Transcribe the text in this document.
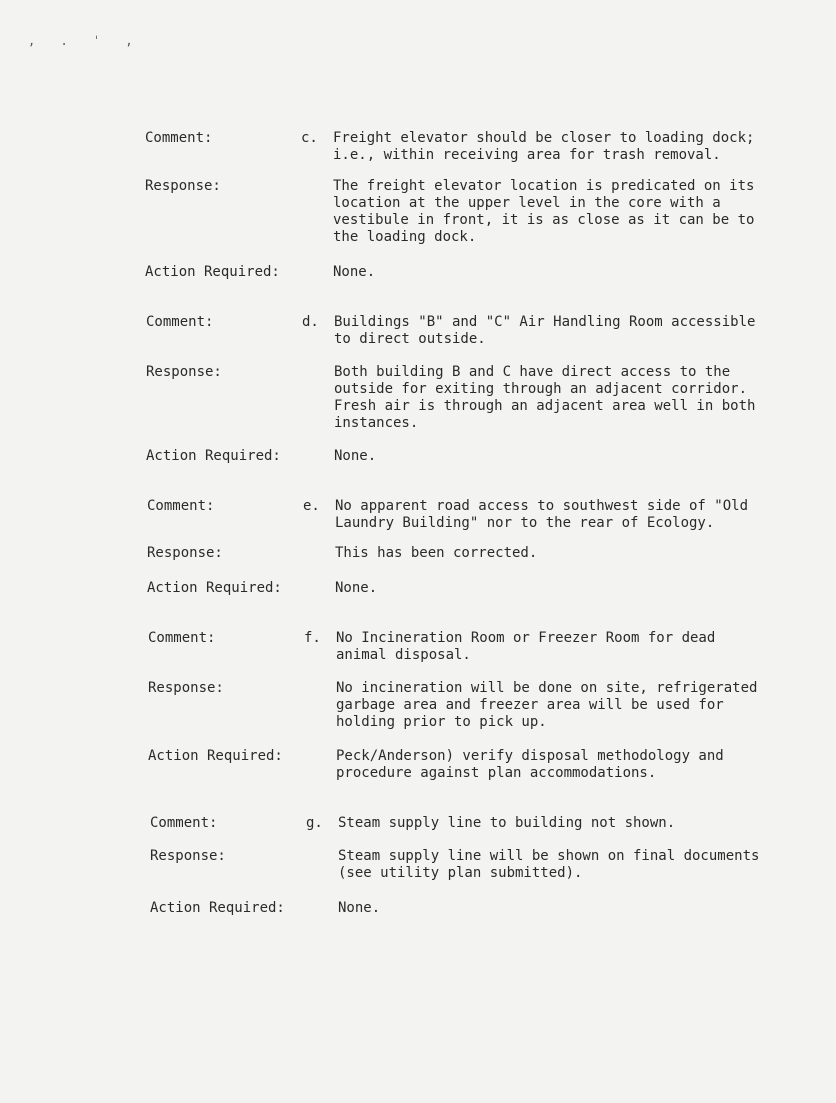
, . ˈ ,
Comment:	c. Freight elevator should be closer to loading dock;
i.e., within receiving area for trash removal.
Response:	The freight elevator location is predicated on its
location at the upper level in the core with a
vestibule in front, it is as close as it can be to
the loading dock.
Action Required:	None.
Comment:	d. Buildings "B" and "C" Air Handling Room accessible
to direct outside.
Response:	Both building B and C have direct access to the
outside for exiting through an adjacent corridor.
Fresh air is through an adjacent area well in both
instances.
Action Required:	None.
Comment:	e. No apparent road access to southwest side of "Old
Laundry Building" nor to the rear of Ecology.
Response:	This has been corrected.
Action Required:	None.
Comment:	f. No Incineration Room or Freezer Room for dead
animal disposal.
Response:	No incineration will be done on site, refrigerated
garbage area and freezer area will be used for
holding prior to pick up.
Action Required:	Peck/Anderson) verify disposal methodology and
procedure against plan accommodations.
Comment:	g. Steam supply line to building not shown.
Response:	Steam supply line will be shown on final documents
(see utility plan submitted).
Action Required:	None.
